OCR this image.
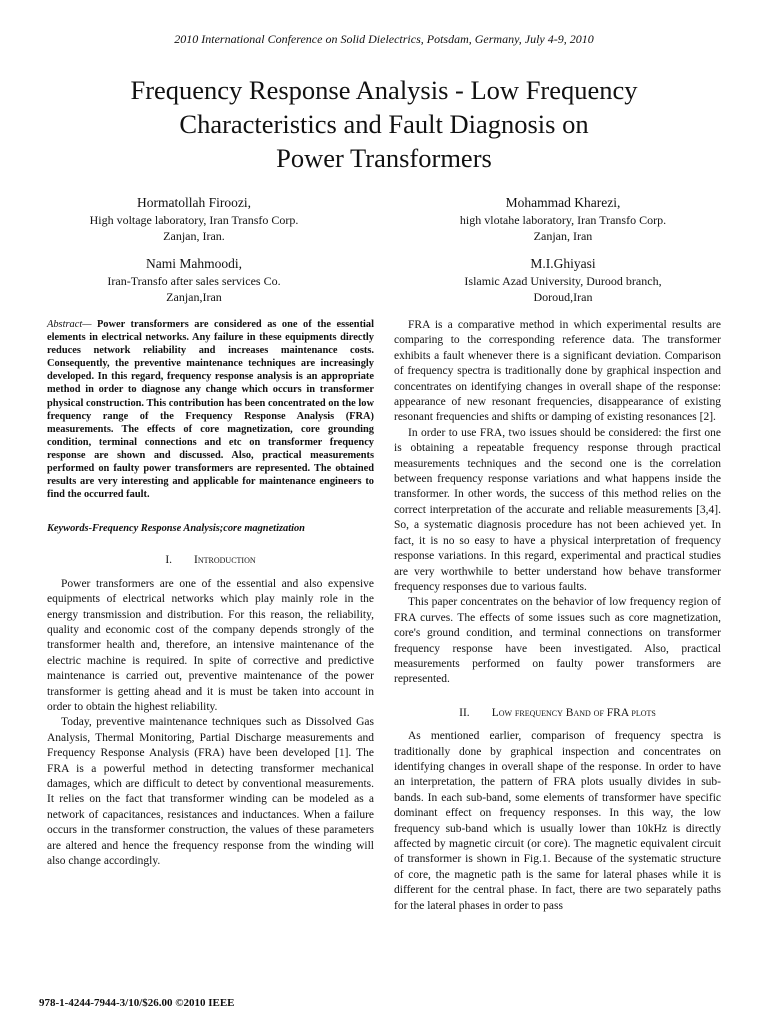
2010 International Conference on Solid Dielectrics, Potsdam, Germany, July 4-9, 2010
Frequency Response Analysis - Low Frequency
Characteristics and Fault Diagnosis on
Power Transformers
Hormatollah Firoozi,
High voltage laboratory, Iran Transfo Corp.
Zanjan, Iran.
Mohammad Kharezi,
high vlotahe laboratory, Iran Transfo Corp.
Zanjan, Iran
Nami Mahmoodi,
Iran-Transfo after sales services Co.
Zanjan,Iran
M.I.Ghiyasi
Islamic Azad University, Durood branch,
Doroud,Iran

Abstract— Power transformers are considered as one of the essential elements in electrical networks. Any failure in these equipments directly reduces network reliability and increases maintenance costs. Consequently, the preventive maintenance techniques are increasingly developed. In this regard, frequency response analysis is an appropriate method in order to diagnose any change which occurs in transformer physical construction. This contribution has been concentrated on the low frequency range of the Frequency Response Analysis (FRA) measurements. The effects of core magnetization, core grounding condition, terminal connections and etc on transformer frequency response are shown and discussed. Also, practical measurements performed on faulty power transformers are represented. The obtained results are very interesting and applicable for maintenance engineers to find the occurred fault.

Keywords-Frequency Response Analysis;core magnetization

I. Introduction

Power transformers are one of the essential and also expensive equipments of electrical networks which play mainly role in the energy transmission and distribution. For this reason, the reliability, quality and economic cost of the company depends strongly of the transformer health and, therefore, an intensive maintenance of the electric machine is required. In spite of corrective and predictive maintenance is carried out, preventive maintenance of the power transformer is getting ahead and it is must be taken into account in order to obtain the highest reliability.

Today, preventive maintenance techniques such as Dissolved Gas Analysis, Thermal Monitoring, Partial Discharge measurements and Frequency Response Analysis (FRA) have been developed [1]. The FRA is a powerful method in detecting transformer mechanical damages, which are difficult to detect by conventional measurements. It relies on the fact that transformer winding can be modeled as a network of capacitances, resistances and inductances. When a failure occurs in the transformer construction, the values of these parameters are altered and hence the frequency response from the winding will also change accordingly.

FRA is a comparative method in which experimental results are comparing to the corresponding reference data. The transformer exhibits a fault whenever there is a significant deviation. Comparison of frequency spectra is traditionally done by graphical inspection and concentrates on identifying changes in overall shape of the response: appearance of new resonant frequencies, disappearance of existing resonant frequencies and shifts or damping of existing resonances [2].

In order to use FRA, two issues should be considered: the first one is obtaining a repeatable frequency response through practical measurements techniques and the second one is the correlation between frequency response variations and what happens inside the transformer. In other words, the success of this method relies on the correct interpretation of the accurate and reliable measurements [3,4]. So, a systematic diagnosis procedure has not been achieved yet. In fact, it is no so easy to have a physical interpretation of frequency response variations. In this regard, experimental and practical studies are very worthwhile to better understand how behave transformer frequency responses due to various faults.

This paper concentrates on the behavior of low frequency region of FRA curves. The effects of some issues such as core magnetization, core's ground condition, and terminal connections on transformer frequency response have been investigated. Also, practical measurements performed on faulty power transformers are represented.

II. Low frequency Band of FRA plots

As mentioned earlier, comparison of frequency spectra is traditionally done by graphical inspection and concentrates on identifying changes in overall shape of the response. In order to have an interpretation, the pattern of FRA plots usually divides in sub-bands. In each sub-band, some elements of transformer have specific dominant effect on frequency responses. In this way, the low frequency sub-band which is usually lower than 10kHz is directly affected by magnetic circuit (or core). The magnetic equivalent circuit of transformer is shown in Fig.1. Because of the systematic structure of core, the magnetic path is the same for lateral phases while it is different for the central phase. In fact, there are two separately paths for the lateral phases in order to pass

978-1-4244-7944-3/10/$26.00 ©2010 IEEE
